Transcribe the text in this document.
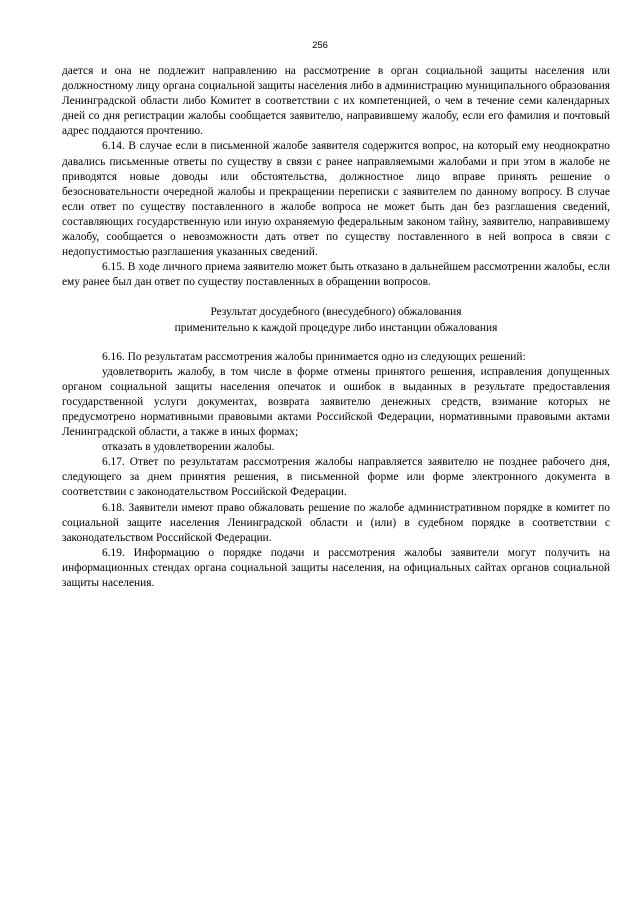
256

дается и она не подлежит направлению на рассмотрение в орган социальной защиты населения или должностному лицу органа социальной защиты населения либо в администрацию муниципального образования Ленинградской области либо Комитет в соответствии с их компетенцией, о чем в течение семи календарных дней со дня регистрации жалобы сообщается заявителю, направившему жалобу, если его фамилия и почтовый адрес поддаются прочтению.

6.14. В случае если в письменной жалобе заявителя содержится вопрос, на который ему неоднократно давались письменные ответы по существу в связи с ранее направляемыми жалобами и при этом в жалобе не приводятся новые доводы или обстоятельства, должностное лицо вправе принять решение о безосновательности очередной жалобы и прекращении переписки с заявителем по данному вопросу. В случае если ответ по существу поставленного в жалобе вопроса не может быть дан без разглашения сведений, составляющих государственную или иную охраняемую федеральным законом тайну, заявителю, направившему жалобу, сообщается о невозможности дать ответ по существу поставленного в ней вопроса в связи с недопустимостью разглашения указанных сведений.

6.15. В ходе личного приема заявителю может быть отказано в дальнейшем рассмотрении жалобы, если ему ранее был дан ответ по существу поставленных в обращении вопросов.

Результат досудебного (внесудебного) обжалования

применительно к каждой процедуре либо инстанции обжалования

6.16. По результатам рассмотрения жалобы принимается одно из следующих решений:

удовлетворить жалобу, в том числе в форме отмены принятого решения, исправления допущенных органом социальной защиты населения опечаток и ошибок в выданных в результате предоставления государственной услуги документах, возврата заявителю денежных средств, взимание которых не предусмотрено нормативными правовыми актами Российской Федерации, нормативными правовыми актами Ленинградской области, а также в иных формах;

отказать в удовлетворении жалобы.

6.17. Ответ по результатам рассмотрения жалобы направляется заявителю не позднее рабочего дня, следующего за днем принятия решения, в письменной форме или форме электронного документа в соответствии с законодательством Российской Федерации.

6.18. Заявители имеют право обжаловать решение по жалобе административном порядке в комитет по социальной защите населения Ленинградской области и (или) в судебном порядке в соответствии с законодательством Российской Федерации.

6.19. Информацию о порядке подачи и рассмотрения жалобы заявители могут получить на информационных стендах органа социальной защиты населения, на официальных сайтах органов социальной защиты населения.
